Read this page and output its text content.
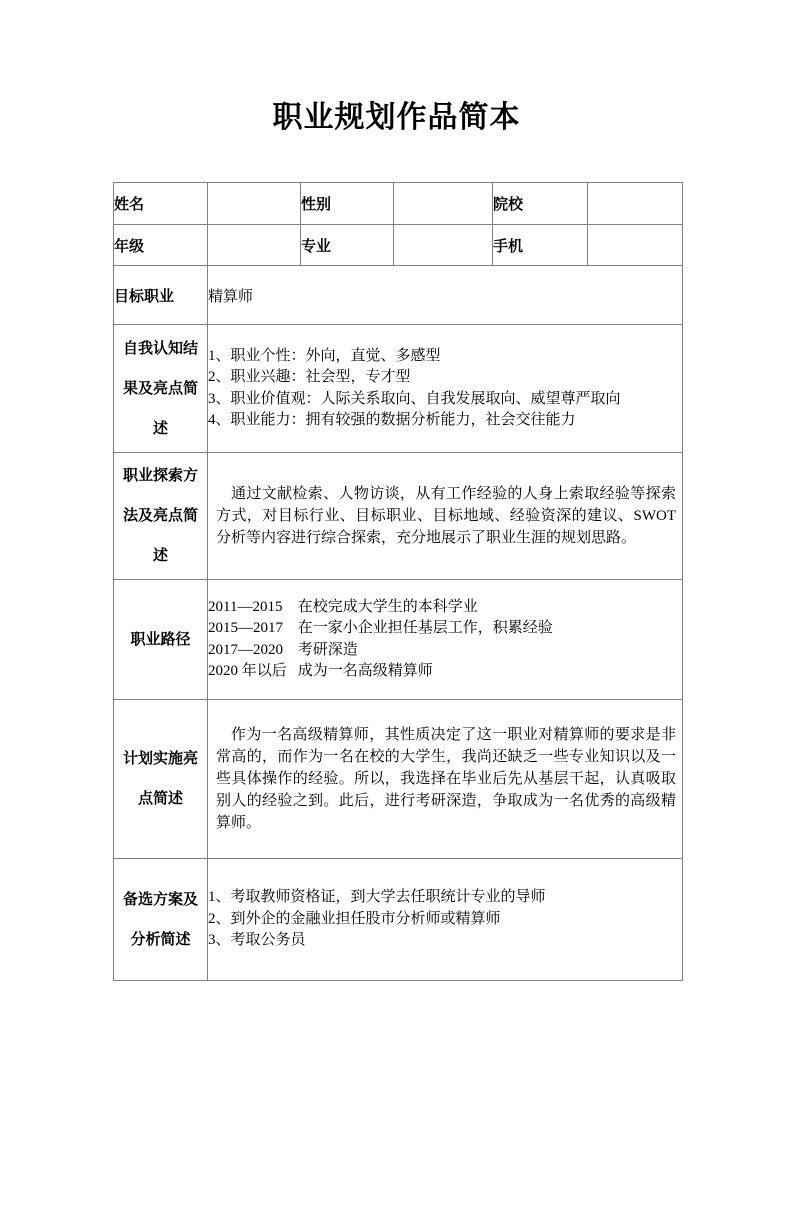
职业规划作品简本
姓名		性别		院校	
年级		专业		手机	
目标职业	精算师				
自我认知结果及亮点简述	1、职业个性：外向，直觉、多感型
2、职业兴趣：社会型，专才型
3、职业价值观：人际关系取向、自我发展取向、威望尊严取向
4、职业能力：拥有较强的数据分析能力，社会交往能力				

职业探索方法及亮点简述	通过文献检索、人物访谈，从有工作经验的人身上索取经验等探索方式，对目标行业、目标职业、目标地域、经验资深的建议、SWOT分析等内容进行综合探索，充分地展示了职业生涯的规划思路。				

职业路径	2011—2015 在校完成大学生的本科学业
2015—2017 在一家小企业担任基层工作，积累经验
2017—2020 考研深造
2020 年以后 成为一名高级精算师				

计划实施亮点简述	作为一名高级精算师，其性质决定了这一职业对精算师的要求是非常高的，而作为一名在校的大学生，我尚还缺乏一些专业知识以及一些具体操作的经验。所以，我选择在毕业后先从基层干起，认真吸取别人的经验之到。此后，进行考研深造，争取成为一名优秀的高级精算师。				

备选方案及分析简述	1、考取教师资格证，到大学去任职统计专业的导师
2、到外企的金融业担任股市分析师或精算师
3、考取公务员				
